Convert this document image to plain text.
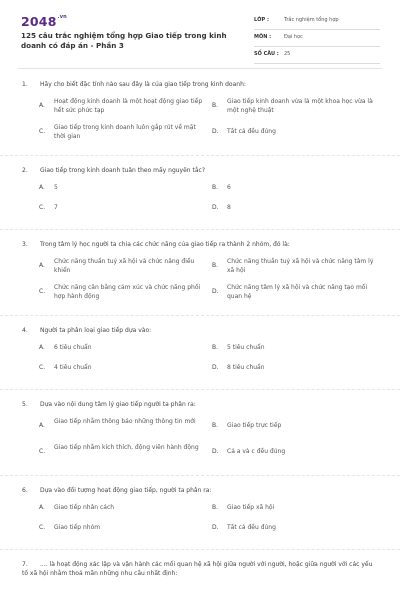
$2048^{.vn}$
125 câu trắc nghiệm tổng hợp Giao tiếp trong kinh doanh có đáp án - Phần 3
LỚP :	Trắc nghiệm tổng hợp
MÔN :	Đại học
SỐ CÂU : 25
1. Hãy cho biết đặc tính nào sau đây là của giao tiếp trong kinh doanh:
A.
Hoạt động kinh doanh là một hoạt động giao tiếp hết sức phức tạp
B.
Giao tiếp kinh doanh vừa là một khoa học vừa là một nghệ thuật
C.
Giao tiếp trong kinh doanh luôn gắp rút về mặt thời gian
D. Tất cả đều đúng
2. Giao tiếp trong kinh doanh tuân theo mấy nguyên tắc?
A. 5	B. 6
C. 7	D. 8
3. Trong tâm lý học người ta chia các chức năng của giao tiếp ra thành 2 nhóm, đó là:
A.
Chức năng thuần tuý xã hội và chức năng điều khiển
B.
Chức năng thuần tuý xã hội và chức năng tâm lý xã hội
C.
Chức năng cân bằng cảm xúc và chức năng phối hợp hành động
D.
Chức năng tâm lý xã hội và chức năng tạo mối quan hệ
4. Người ta phân loại giao tiếp dựa vào:
A. 6 tiêu chuẩn	B. 5 tiêu chuẩn
C. 4 tiêu chuẩn	D. 8 tiêu chuẩn
5. Dựa vào nội dung tâm lý giao tiếp người ta phân ra:
A.
Giao tiếp nhằm thông báo những thông tin mới
B. Giao tiếp trực tiếp
C.
Giao tiếp nhằm kích thích, động viên hành động
D. Cả a và c đều đúng
6. Dựa vào đối tượng hoạt động giao tiếp, người ta phân ra:
A. Giao tiếp nhân cách	B. Giao tiếp xã hội
C. Giao tiếp nhóm	D. Tất cả đều đúng
7. .... là hoạt động xác lập và vận hành các mối quan hệ xã hội giữa người với người, hoặc giữa người với các yếu tố xã hội nhằm thoả mãn những nhu cầu nhất định:
